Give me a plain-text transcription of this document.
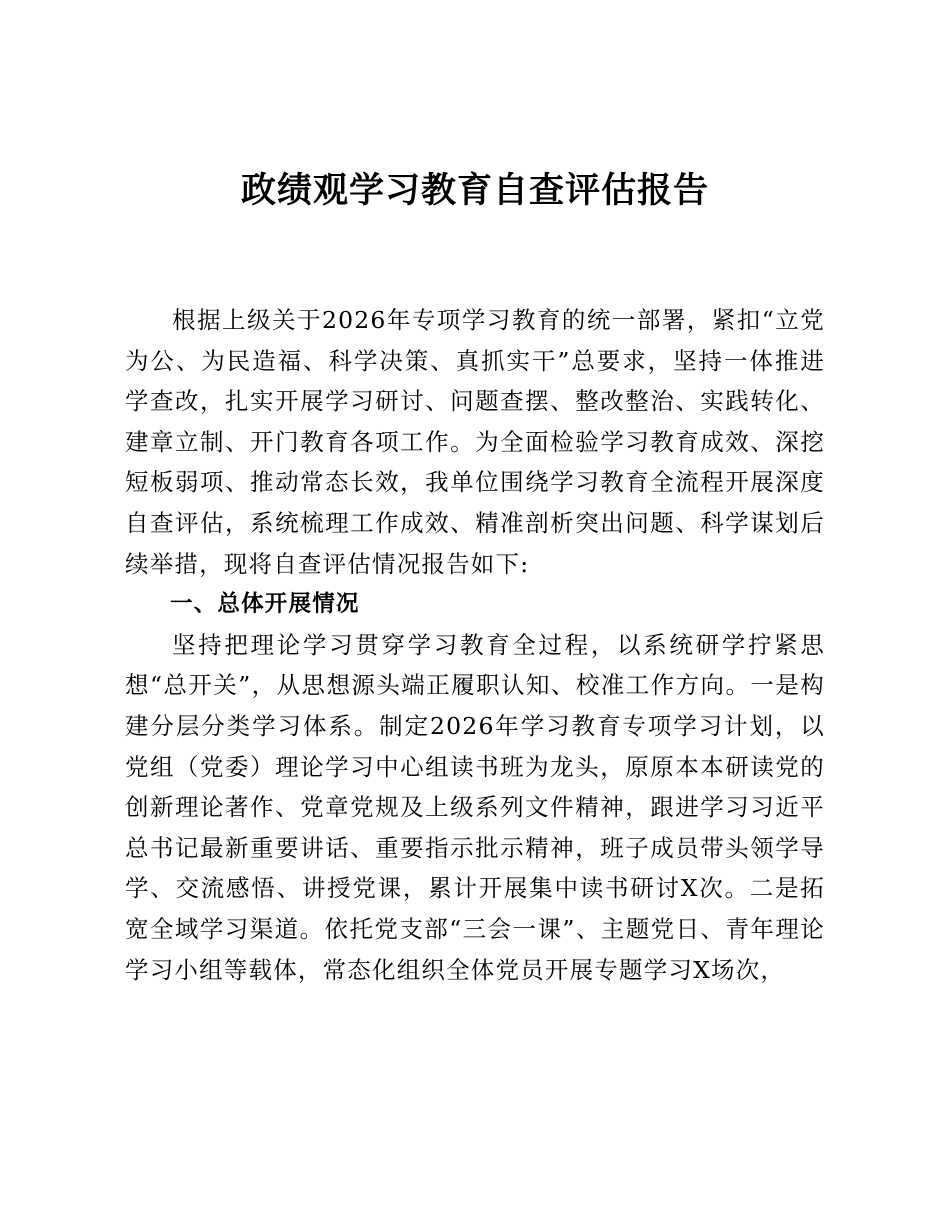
政绩观学习教育自查评估报告

根据上级关于2026年专项学习教育的统一部署，紧扣“立党为公、为民造福、科学决策、真抓实干”总要求，坚持一体推进学查改，扎实开展学习研讨、问题查摆、整改整治、实践转化、建章立制、开门教育各项工作。为全面检验学习教育成效、深挖短板弱项、推动常态长效，我单位围绕学习教育全流程开展深度自查评估，系统梳理工作成效、精准剖析突出问题、科学谋划后续举措，现将自查评估情况报告如下:

一、总体开展情况

坚持把理论学习贯穿学习教育全过程，以系统研学拧紧思想“总开关”，从思想源头端正履职认知、校准工作方向。一是构建分层分类学习体系。制定2026年学习教育专项学习计划，以党组（党委）理论学习中心组读书班为龙头，原原本本研读党的创新理论著作、党章党规及上级系列文件精神，跟进学习习近平总书记最新重要讲话、重要指示批示精神，班子成员带头领学导学、交流感悟、讲授党课，累计开展集中读书研讨X次。二是拓宽全域学习渠道。依托党支部“三会一课”、主题党日、青年理论学习小组等载体，常态化组织全体党员开展专题学习X场次，
